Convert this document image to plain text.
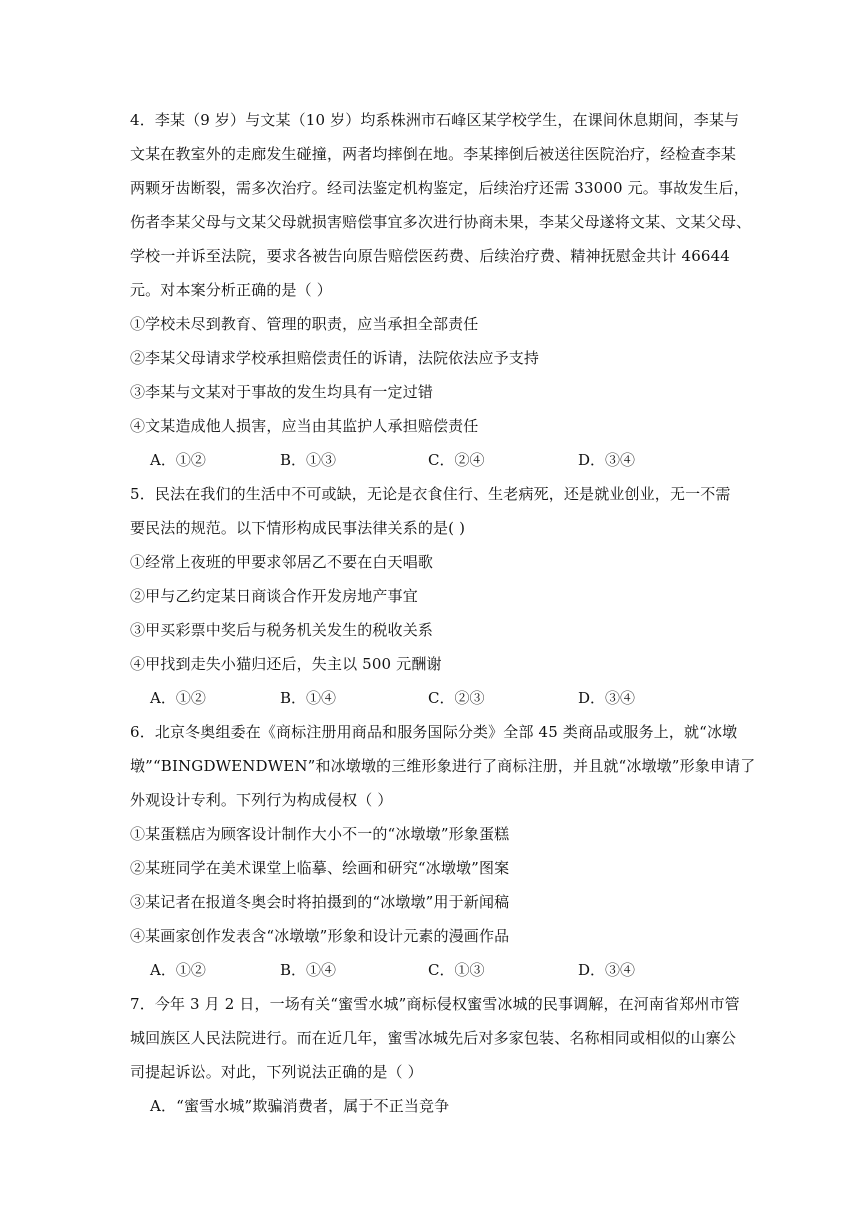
4．李某（9 岁）与文某（10 岁）均系株洲市石峰区某学校学生，在课间休息期间，李某与
文某在教室外的走廊发生碰撞，两者均摔倒在地。李某摔倒后被送往医院治疗，经检查李某
两颗牙齿断裂，需多次治疗。经司法鉴定机构鉴定，后续治疗还需 33000 元。事故发生后，
伤者李某父母与文某父母就损害赔偿事宜多次进行协商未果，李某父母遂将文某、文某父母、
学校一并诉至法院，要求各被告向原告赔偿医药费、后续治疗费、精神抚慰金共计 46644
元。对本案分析正确的是（ ）
①学校未尽到教育、管理的职责，应当承担全部责任
②李某父母请求学校承担赔偿责任的诉请，法院依法应予支持
③李某与文某对于事故的发生均具有一定过错
④文某造成他人损害，应当由其监护人承担赔偿责任
A．①②	B．①③	C．②④	D．③④
5．民法在我们的生活中不可或缺，无论是衣食住行、生老病死，还是就业创业，无一不需
要民法的规范。以下情形构成民事法律关系的是( )
①经常上夜班的甲要求邻居乙不要在白天唱歌
②甲与乙约定某日商谈合作开发房地产事宜
③甲买彩票中奖后与税务机关发生的税收关系
④甲找到走失小猫归还后，失主以 500 元酬谢
A．①②	B．①④	C．②③	D．③④
6．北京冬奥组委在《商标注册用商品和服务国际分类》全部 45 类商品或服务上，就“冰墩
墩”“BINGDWENDWEN”和冰墩墩的三维形象进行了商标注册，并且就“冰墩墩”形象申请了
外观设计专利。下列行为构成侵权（ ）
①某蛋糕店为顾客设计制作大小不一的“冰墩墩”形象蛋糕
②某班同学在美术课堂上临摹、绘画和研究“冰墩墩”图案
③某记者在报道冬奥会时将拍摄到的“冰墩墩”用于新闻稿
④某画家创作发表含“冰墩墩”形象和设计元素的漫画作品
A．①②	B．①④	C．①③	D．③④
7．今年 3 月 2 日，一场有关“蜜雪水城”商标侵权蜜雪冰城的民事调解，在河南省郑州市管
城回族区人民法院进行。而在近几年，蜜雪冰城先后对多家包装、名称相同或相似的山寨公
司提起诉讼。对此，下列说法正确的是（ ）
A．“蜜雪水城”欺骗消费者，属于不正当竞争
